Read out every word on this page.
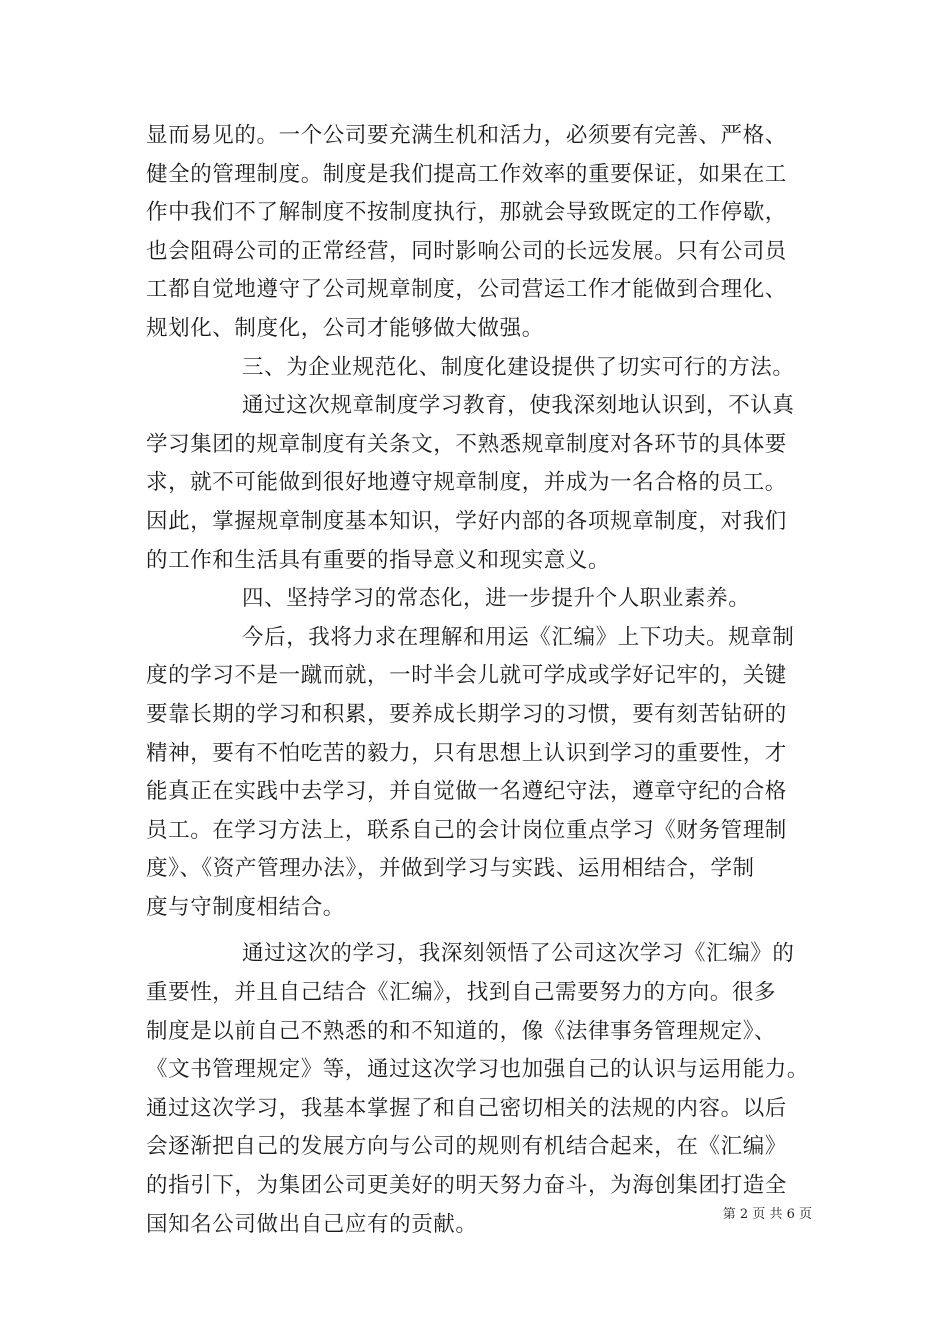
显而易见的。一个公司要充满生机和活力，必须要有完善、严格、
健全的管理制度。制度是我们提高工作效率的重要保证，如果在工
作中我们不了解制度不按制度执行，那就会导致既定的工作停歇，
也会阻碍公司的正常经营，同时影响公司的长远发展。只有公司员
工都自觉地遵守了公司规章制度，公司营运工作才能做到合理化、
规划化、制度化，公司才能够做大做强。
三、为企业规范化、制度化建设提供了切实可行的方法。
通过这次规章制度学习教育，使我深刻地认识到，不认真
学习集团的规章制度有关条文，不熟悉规章制度对各环节的具体要
求，就不可能做到很好地遵守规章制度，并成为一名合格的员工。
因此，掌握规章制度基本知识，学好内部的各项规章制度，对我们
的工作和生活具有重要的指导意义和现实意义。
四、坚持学习的常态化，进一步提升个人职业素养。
今后，我将力求在理解和用运《汇编》上下功夫。规章制
度的学习不是一蹴而就，一时半会儿就可学成或学好记牢的，关键
要靠长期的学习和积累，要养成长期学习的习惯，要有刻苦钻研的
精神，要有不怕吃苦的毅力，只有思想上认识到学习的重要性，才
能真正在实践中去学习，并自觉做一名遵纪守法，遵章守纪的合格
员工。在学习方法上，联系自己的会计岗位重点学习《财务管理制
度》、《资产管理办法》，并做到学习与实践、运用相结合，学制
度与守制度相结合。
通过这次的学习，我深刻领悟了公司这次学习《汇编》的
重要性，并且自己结合《汇编》，找到自己需要努力的方向。很多
制度是以前自己不熟悉的和不知道的，像《法律事务管理规定》、
《文书管理规定》等，通过这次学习也加强自己的认识与运用能力。
通过这次学习，我基本掌握了和自己密切相关的法规的内容。以后
会逐渐把自己的发展方向与公司的规则有机结合起来，在《汇编》
的指引下，为集团公司更美好的明天努力奋斗，为海创集团打造全
国知名公司做出自己应有的贡献。	第 2 页 共 6 页
